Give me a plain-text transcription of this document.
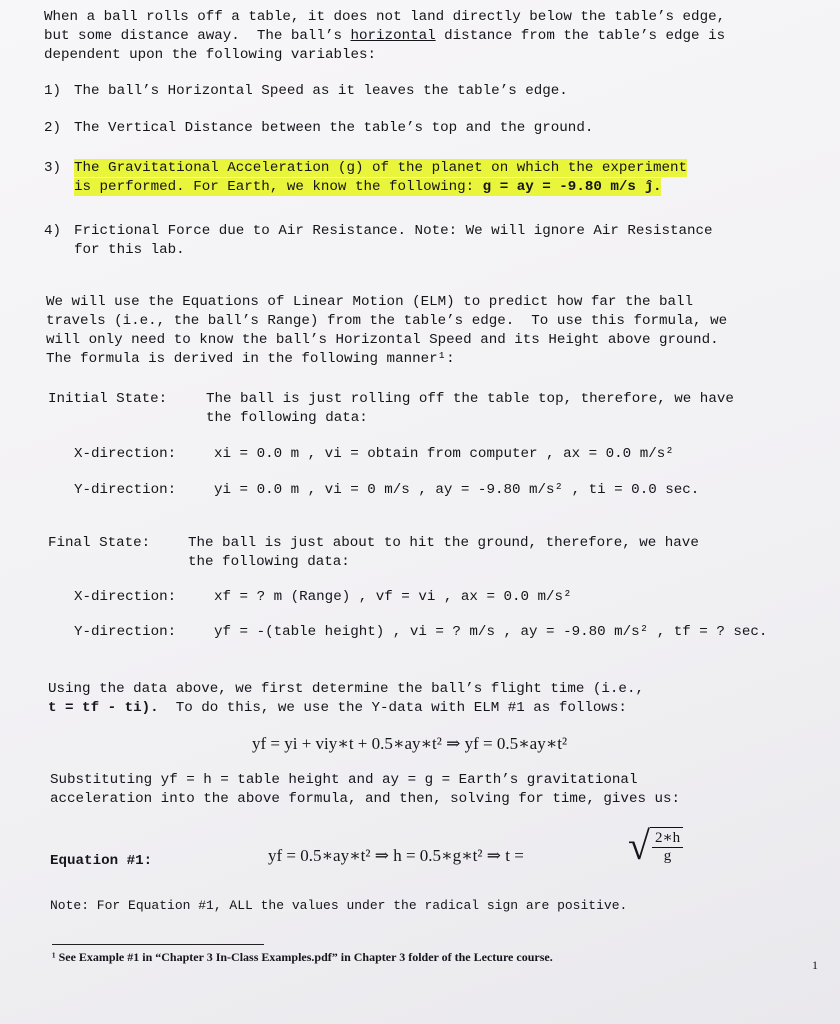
When a ball rolls off a table, it does not land directly below the table’s edge,
but some distance away.  The ball’s horizontal distance from the table’s edge is
dependent upon the following variables:
1) The ball’s Horizontal Speed as it leaves the table’s edge.
2) The Vertical Distance between the table’s top and the ground.
3) The Gravitational Acceleration (g) of the planet on which the experiment
is performed. For Earth, we know the following: g = ay = -9.80 m/s ĵ.
4) Frictional Force due to Air Resistance. Note: We will ignore Air Resistance
for this lab.
We will use the Equations of Linear Motion (ELM) to predict how far the ball
travels (i.e., the ball’s Range) from the table’s edge.  To use this formula, we
will only need to know the ball’s Horizontal Speed and its Height above ground.
The formula is derived in the following manner¹:
Initial State:	The ball is just rolling off the table top, therefore, we have
the following data:
X-direction:	xi = 0.0 m , vi = obtain from computer , ax = 0.0 m/s²
Y-direction:	yi = 0.0 m , vi = 0 m/s , ay = -9.80 m/s² , ti = 0.0 sec.
Final State:	The ball is just about to hit the ground, therefore, we have
the following data:
X-direction:	xf = ? m (Range) , vf = vi , ax = 0.0 m/s²
Y-direction:	yf = -(table height) , vi = ? m/s , ay = -9.80 m/s² , tf = ? sec.
Using the data above, we first determine the ball’s flight time (i.e.,
t = tf - ti).  To do this, we use the Y-data with ELM #1 as follows:
yf = yi + viy∗t + 0.5∗ay∗t² ⇒ yf = 0.5∗ay∗t²
Substituting yf = h = table height and ay = g = Earth’s gravitational
acceleration into the above formula, and then, solving for time, gives us:
Equation #1:	yf = 0.5∗ay∗t² ⇒ h = 0.5∗g∗t² ⇒ t =	√ $\frac{2∗h}{g}$
Note: For Equation #1, ALL the values under the radical sign are positive.
¹ See Example #1 in “Chapter 3 In-Class Examples.pdf” in Chapter 3 folder of the Lecture course.
1
